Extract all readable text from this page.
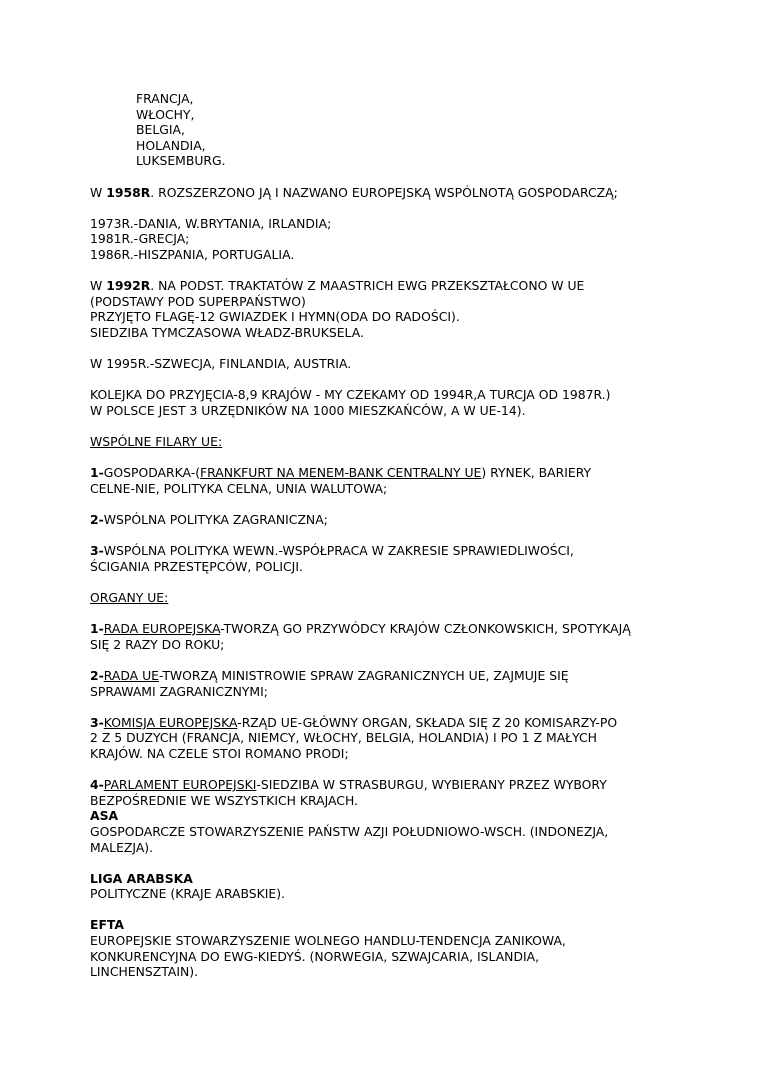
FRANCJA,
WŁOCHY,
BELGIA,
HOLANDIA,
LUKSEMBURG.
W 1958R. ROZSZERZONO JĄ I NAZWANO EUROPEJSKĄ WSPÓLNOTĄ GOSPODARCZĄ;
1973R.-DANIA, W.BRYTANIA, IRLANDIA;
1981R.-GRECJA;
1986R.-HISZPANIA, PORTUGALIA.
W 1992R. NA PODST. TRAKTATÓW Z MAASTRICH EWG PRZEKSZTAŁCONO W UE
(PODSTAWY POD SUPERPAŃSTWO)
PRZYJĘTO FLAGĘ-12 GWIAZDEK I HYMN(ODA DO RADOŚCI).
SIEDZIBA TYMCZASOWA WŁADZ-BRUKSELA.
W 1995R.-SZWECJA, FINLANDIA, AUSTRIA.
KOLEJKA DO PRZYJĘCIA-8,9 KRAJÓW - MY CZEKAMY OD 1994R,A TURCJA OD 1987R.)
W POLSCE JEST 3 URZĘDNIKÓW NA 1000 MIESZKAŃCÓW, A W UE-14).
WSPÓLNE FILARY UE:
1-GOSPODARKA-(FRANKFURT NA MENEM-BANK CENTRALNY UE) RYNEK, BARIERY
CELNE-NIE, POLITYKA CELNA, UNIA WALUTOWA;
2-WSPÓLNA POLITYKA ZAGRANICZNA;
3-WSPÓLNA POLITYKA WEWN.-WSPÓŁPRACA W ZAKRESIE SPRAWIEDLIWOŚCI,
ŚCIGANIA PRZESTĘPCÓW, POLICJI.
ORGANY UE:
1-RADA EUROPEJSKA-TWORZĄ GO PRZYWÓDCY KRAJÓW CZŁONKOWSKICH, SPOTYKAJĄ
SIĘ 2 RAZY DO ROKU;
2-RADA UE-TWORZĄ MINISTROWIE SPRAW ZAGRANICZNYCH UE, ZAJMUJE SIĘ
SPRAWAMI ZAGRANICZNYMI;
3-KOMISJA EUROPEJSKA-RZĄD UE-GŁÓWNY ORGAN, SKŁADA SIĘ Z 20 KOMISARZY-PO
2 Z 5 DUZYCH (FRANCJA, NIEMCY, WŁOCHY, BELGIA, HOLANDIA) I PO 1 Z MAŁYCH
KRAJÓW. NA CZELE STOI ROMANO PRODI;
4-PARLAMENT EUROPEJSKI-SIEDZIBA W STRASBURGU, WYBIERANY PRZEZ WYBORY
BEZPOŚREDNIE WE WSZYSTKICH KRAJACH.
ASA
GOSPODARCZE STOWARZYSZENIE PAŃSTW AZJI POŁUDNIOWO-WSCH. (INDONEZJA,
MALEZJA).
LIGA ARABSKA
POLITYCZNE (KRAJE ARABSKIE).
EFTA
EUROPEJSKIE STOWARZYSZENIE WOLNEGO HANDLU-TENDENCJA ZANIKOWA,
KONKURENCYJNA DO EWG-KIEDYŚ. (NORWEGIA, SZWAJCARIA, ISLANDIA,
LINCHENSZTAIN).
